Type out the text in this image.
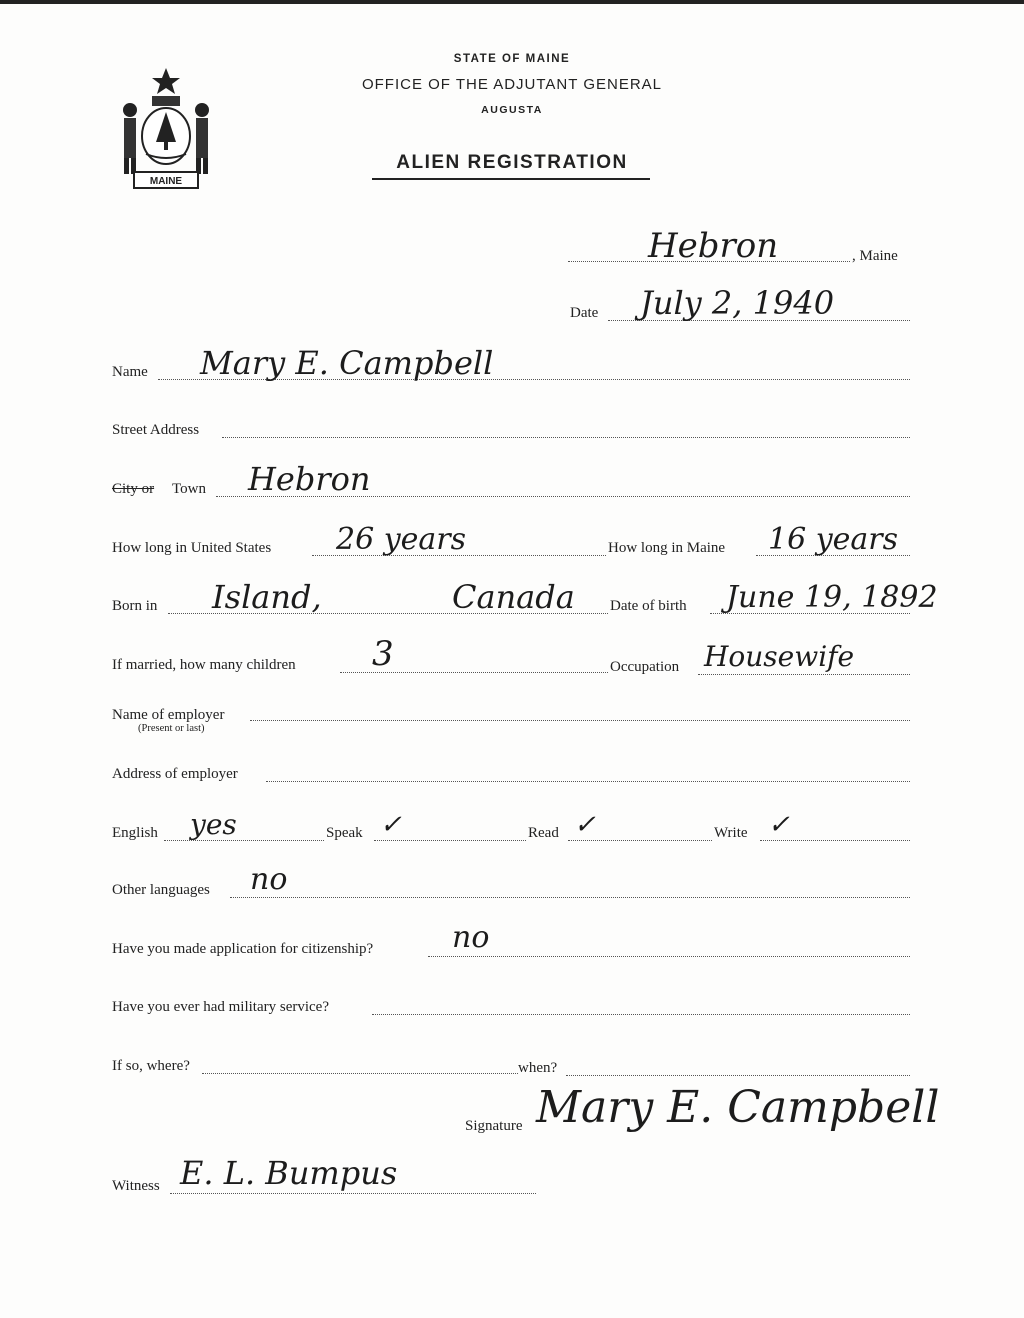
MAINE
STATE OF MAINE
OFFICE OF THE ADJUTANT GENERAL
AUGUSTA
ALIEN REGISTRATION
Hebron	, Maine
Date July 2, 1940
Name Mary E. Campbell
Street Address
City or Town Hebron
How long in United States 26 years	How long in Maine 16 years
Born in Island,	Canada Date of birth June 19, 1892
If married, how many children 3	Occupation Housewife
Name of employer
(Present or last)
Address of employer
English yes	Speak ✓	Read ✓	Write ✓
Other languages no
Have you made application for citizenship?	no
Have you ever had military service?
If so, where?	when?
Signature Mary E. Campbell
Witness E. L. Bumpus
